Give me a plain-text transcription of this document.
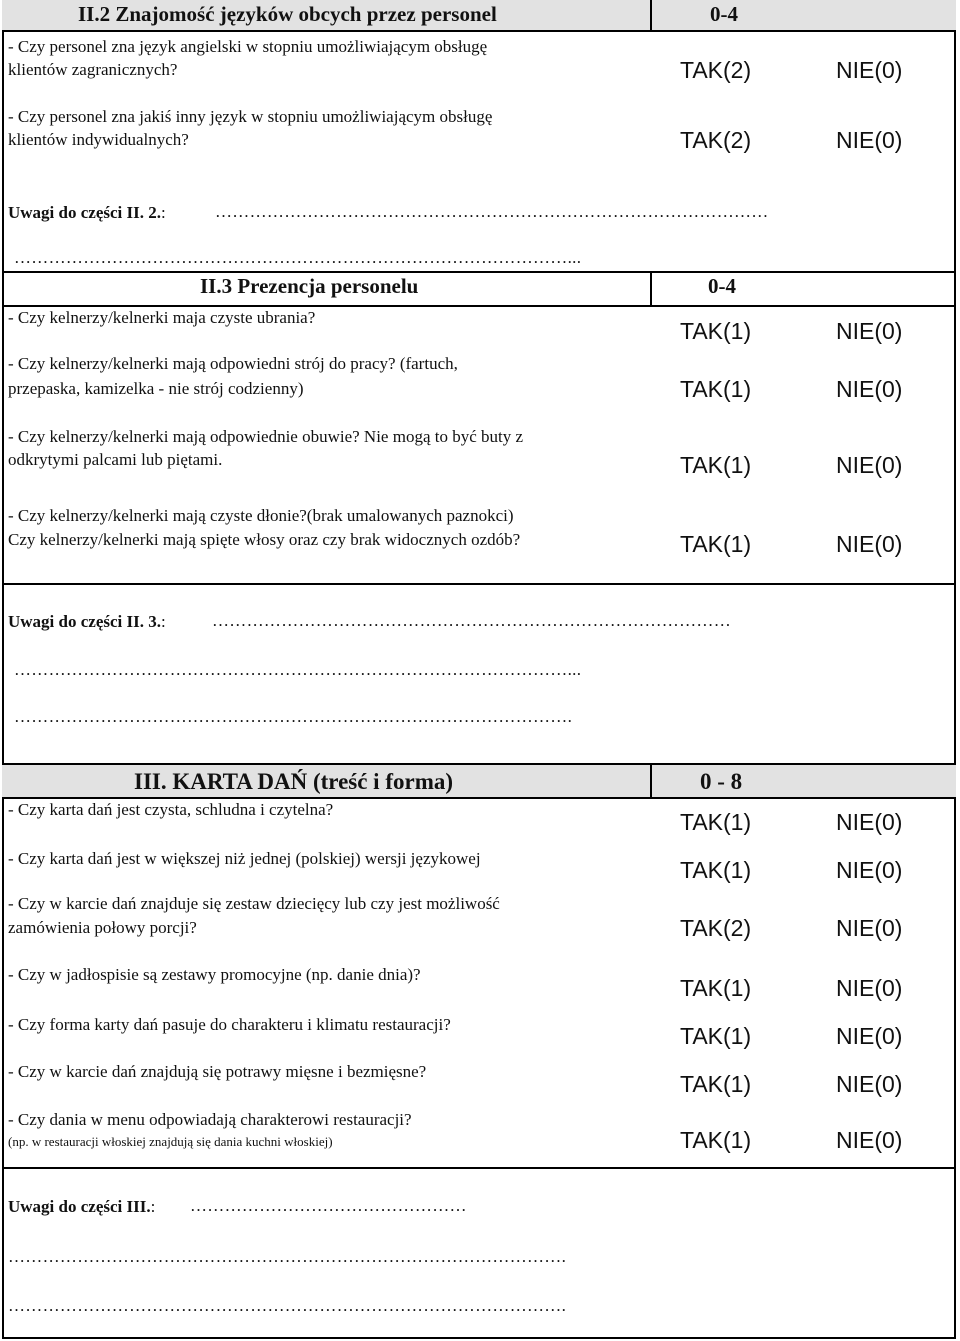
II.2 Znajomość języków obcych przez personel	0-4
- Czy personel zna język angielski w stopniu umożliwiającym obsługę
klientów zagranicznych?	TAK(2)	NIE(0)
- Czy personel zna jakiś inny język w stopniu umożliwiającym obsługę
klientów indywidualnych?	TAK(2)	NIE(0)
Uwagi do części II. 2.:	……………………………………………………………………………………
……………………………………………………………………………………...
II.3 Prezencja personelu	0-4
- Czy kelnerzy/kelnerki maja czyste ubrania?
TAK(1)	NIE(0)
- Czy kelnerzy/kelnerki mają odpowiedni strój do pracy? (fartuch,
przepaska, kamizelka - nie strój codzienny)	TAK(1)	NIE(0)
- Czy kelnerzy/kelnerki mają odpowiednie obuwie? Nie mogą to być buty z
odkrytymi palcami lub piętami.	TAK(1)	NIE(0)
- Czy kelnerzy/kelnerki mają czyste dłonie?(brak umalowanych paznokci)
Czy kelnerzy/kelnerki mają spięte włosy oraz czy brak widocznych ozdób?	TAK(1)	NIE(0)
Uwagi do części II. 3.:	………………………………………………………………………………
……………………………………………………………………………………...
…………………………………………………………………………………….
III. KARTA DAŃ (treść i forma)	0 - 8
- Czy karta dań jest czysta, schludna i czytelna?	TAK(1)	NIE(0)
- Czy karta dań jest w większej niż jednej (polskiej) wersji językowej	TAK(1)	NIE(0)
- Czy w karcie dań znajduje się zestaw dziecięcy lub czy jest możliwość
zamówienia połowy porcji?	TAK(2)	NIE(0)
- Czy w jadłospisie są zestawy promocyjne (np. danie dnia)?
TAK(1)	NIE(0)
- Czy forma karty dań pasuje do charakteru i klimatu restauracji?	TAK(1)	NIE(0)
- Czy w karcie dań znajdują się potrawy mięsne i bezmięsne?	TAK(1)	NIE(0)
- Czy dania w menu odpowiadają charakterowi restauracji?
(np. w restauracji włoskiej znajdują się dania kuchni włoskiej)	TAK(1)	NIE(0)
Uwagi do części III.: …………………………………………
…………………………………………………………………………………….
…………………………………………………………………………………….
